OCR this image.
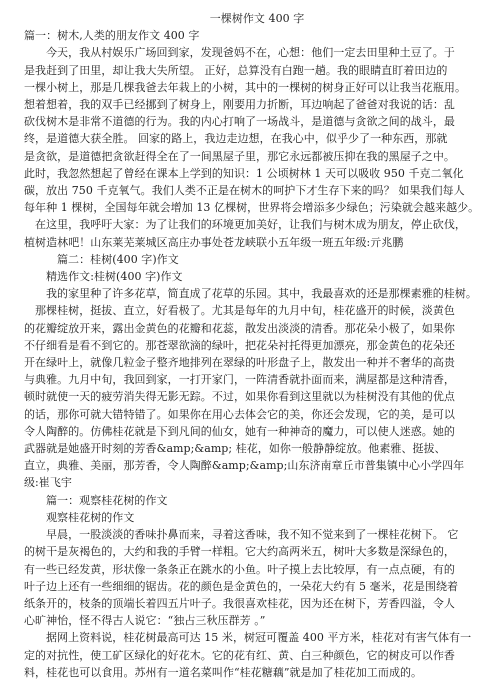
一棵树作文 400 字
篇一：树木,人类的朋友作文 400 字
今天，我从村娱乐广场回到家，发现爸妈不在，心想：他们一定去田里种土豆了。于
是我赶到了田里，却让我大失所望。 正好，总算没有白跑一趟。我的眼睛直盯着田边的
一棵小树上，那是几棵我爸去年栽上的小树，其中的一棵树的树身正好可以让我当花瓶用。
想着想着，我的双手已经挪到了树身上，刚要用力折断，耳边响起了爸爸对我说的话：乱
砍伐树木是非常不道德的行为。我的内心打响了一场战斗，是道德与贪欲之间的战斗，最
终，是道德大获全胜。 回家的路上，我边走边想，在我心中，似乎少了一种东西，那就
是贪欲，是道德把贪欲赶得全在了一间黑屋子里，那它永远都被压抑在我的黑屋子之中。
此时，我忽然想起了曾经在课本上学到的知识：1 公顷树林 1 天可以吸收 950 千克二氧化
碳，放出 750 千克氧气。我们人类不正是在树木的呵护下才生存下来的吗？ 如果我们每人
每年种 1 棵树，全国每年就会增加 13 亿棵树，世界将会增添多少绿色；污染就会越来越少。
在这里，我呼吁大家：为了让我们的环境更加美好，让我们与树木成为朋友，停止砍伐，
植树造林吧！山东莱芜莱城区高庄办事处苍龙峡联小五年级一班五年级:亓兆鹏
篇二：桂树(400 字)作文
精选作文:桂树(400 字)作文
我的家里种了许多花草，简直成了花草的乐园。其中，我最喜欢的还是那棵素雅的桂树。
那棵桂树，挺拔、直立，好看极了。尤其是每年的九月中旬，桂花盛开的时候，淡黄色
的花瓣绽放开来，露出金黄色的花瓣和花蕊，散发出淡淡的清香。那花朵小极了，如果你
不仔细看是看不到它的。那苍翠欲滴的绿叶，把花朵衬托得更加漂亮，那金黄色的花朵还
开在绿叶上，就像几粒金子整齐地排列在翠绿的叶形盘子上，散发出一种并不奢华的高贵
与典雅。九月中旬，我回到家，一打开家门，一阵清香就扑面而来，满屋都是这种清香，
顿时就使一天的疲劳消失得无影无踪。不过，如果你看到这里就以为桂树没有其他的优点
的话，那你可就大错特错了。如果你在用心去体会它的美，你还会发现，它的美，是可以
令人陶醉的。仿佛桂花就是下到凡间的仙女，她有一种神奇的魔力，可以使人迷惑。她的
武器就是她盛开时刻的芳香&amp;&amp; 桂花，如你一般静静绽放。他素雅、挺拔、
直立，典雅、美丽，那芳香，令人陶醉&amp;&amp;山东济南章丘市普集镇中心小学四年
级:崔飞宇
篇一：观察桂花树的作文
观察桂花树的作文
早晨，一股淡淡的香味扑鼻而来，寻着这香味，我不知不觉来到了一棵桂花树下。 它
的树干是灰褐色的，大约和我的手臂一样粗。它大约高两米五，树叶大多数是深绿色的，
有一些已经发黄，形状像一条条正在跳水的小鱼。叶子摸上去比较厚，有一点点硬，有的
叶子边上还有一些细细的锯齿。花的颜色是金黄色的，一朵花大约有 5 毫米，花是围绕着
纸条开的，枝条的顶端长着四五片叶子。我很喜欢桂花，因为还在树下，芳香四溢，令人
心旷神怡，怪不得古人说它：“独占三秋压群芳 。”
据网上资料说，桂花树最高可达 15 米，树冠可覆盖 400 平方米，桂花对有害气体有一
定的对抗性，使工矿区绿化的好花木。它的花有红、黄、白三种颜色，它的树皮可以作香
料，桂花也可以食用。苏州有一道名菜叫作“桂花糖藕”就是加了桂花加工而成的。
